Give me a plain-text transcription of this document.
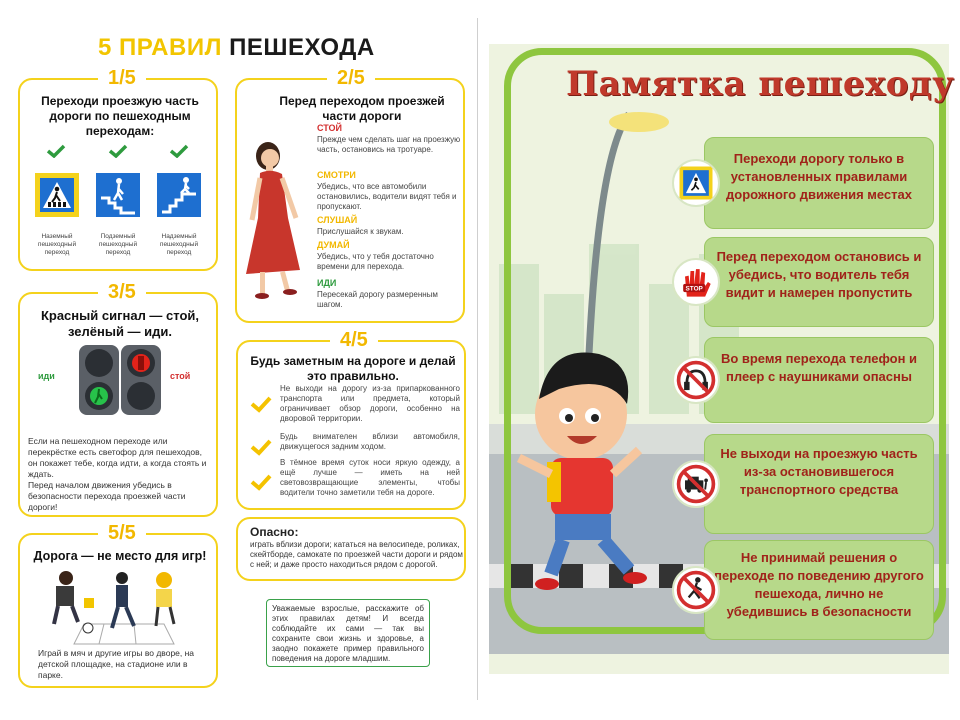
5 ПРАВИЛ ПЕШЕХОДА
1/5
Переходи проезжую часть дороги по пешеходным переходам:
Наземный пешеходный переход
Подземный пешеходный переход
Надземный пешеходный переход
2/5
Перед переходом проезжей части дороги
СТОЙ
Прежде чем сделать шаг на проезжую часть, остановись на тротуаре.
СМОТРИ
Убедись, что все автомобили остановились, водители видят тебя и пропускают.
СЛУШАЙ
Прислушайся к звукам.
ДУМАЙ
Убедись, что у тебя достаточно времени для перехода.
ИДИ
Пересекай дорогу размеренным шагом.
3/5
Красный сигнал — стой, зелёный — иди.
иди	стой
Если на пешеходном переходе или перекрёстке есть светофор для пешеходов, он покажет тебе, когда идти, а когда стоять и ждать.
Перед началом движения убедись в безопасности перехода проезжей части дороги!
4/5
Будь заметным на дороге и делай это правильно.
Не выходи на дорогу из-за припаркованного транспорта или предмета, который ограничивает обзор дороги, особенно на дворовой территории.
Будь внимателен вблизи автомобиля, движущегося задним ходом.
В тёмное время суток носи яркую одежду, а ещё лучше — иметь на ней световозвращающие элементы, чтобы водители точно заметили тебя на дороге.
Опасно:
играть вблизи дороги; кататься на велосипеде, роликах, скейтборде, самокате по проезжей части дороги и рядом с ней; и даже просто находиться рядом с дорогой.
5/5
Дорога — не место для игр!
Играй в мяч и другие игры во дворе, на детской площадке, на стадионе или в парке.
Уважаемые взрослые, расскажите об этих правилах детям! И всегда соблюдайте их сами — так вы сохраните свои жизнь и здоровье, а заодно покажете пример правильного поведения на дороге младшим.
Памятка пешеходу
Переходи дорогу только в установленных правилами дорожного движения местах
Перед переходом остановись и убедись, что водитель тебя видит и намерен пропустить
STOP
Во время перехода телефон и плеер с наушниками опасны
Не выходи на проезжую часть из-за остановившегося транспортного средства
Не принимай решения о переходе по поведению другого пешехода, лично не убедившись в безопасности
